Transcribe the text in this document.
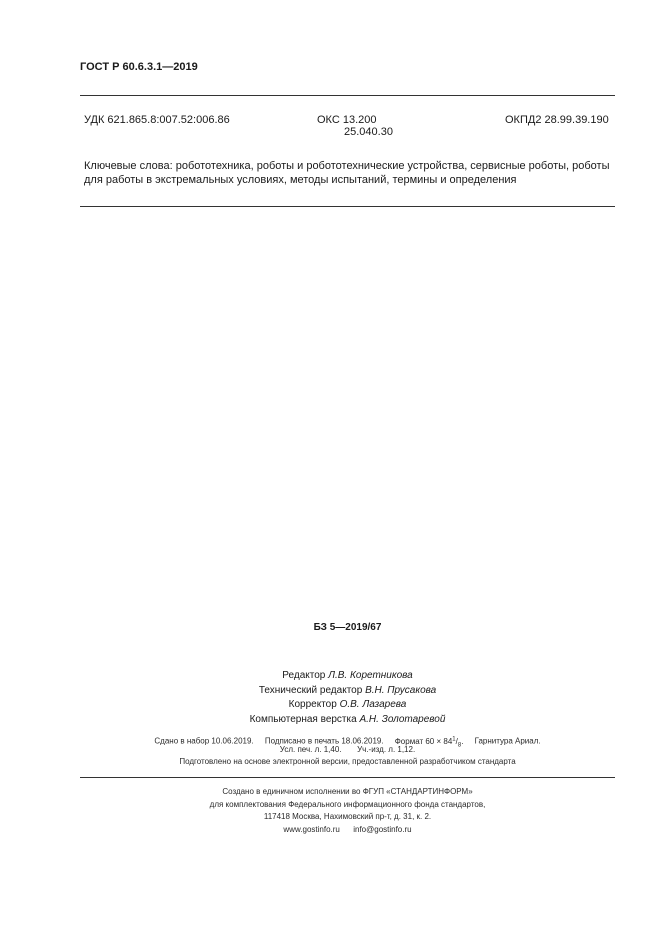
ГОСТ Р 60.6.3.1—2019
УДК 621.865.8:007.52:006.86	ОКС 13.200
25.040.30
ОКПД2 28.99.39.190
Ключевые слова: робототехника, роботы и робототехнические устройства, сервисные роботы, роботы
для работы в экстремальных условиях, методы испытаний, термины и определения
БЗ 5—2019/67
Редактор Л.В. Коретникова
Технический редактор В.Н. Прусакова
Корректор О.В. Лазарева
Компьютерная верстка А.Н. Золотаревой
Сдано в набор 10.06.2019. Подписано в печать 18.06.2019. Формат $60 \times 84^1/_8$. Гарнитура Ариал.
Усл. печ. л. 1,40. Уч.-изд. л. 1,12.
Подготовлено на основе электронной версии, предоставленной разработчиком стандарта
Создано в единичном исполнении во ФГУП «СТАНДАРТИНФОРМ»
для комплектования Федерального информационного фонда стандартов,
117418 Москва, Нахимовский пр-т, д. 31, к. 2.
www.gostinfo.ru info@gostinfo.ru
